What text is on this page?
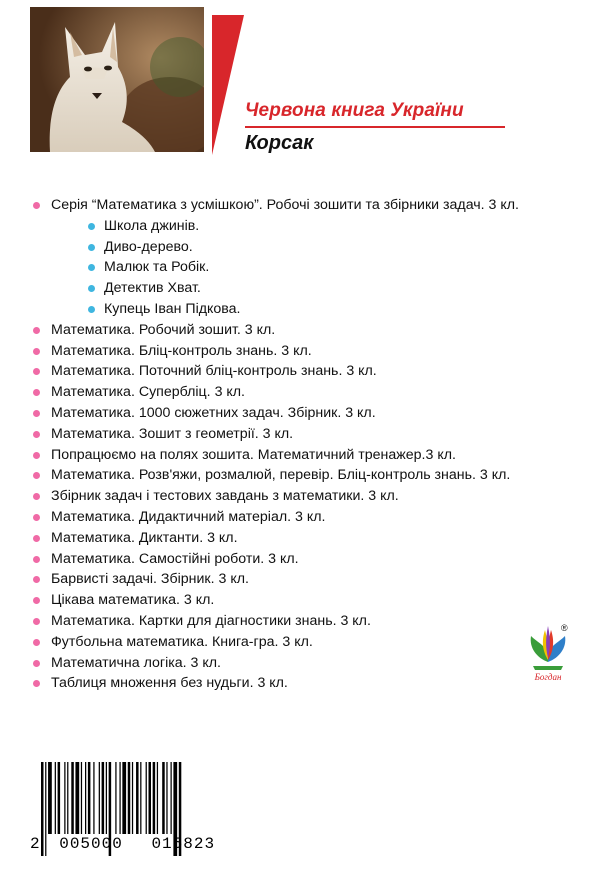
Червона книга України
Корсак
Серія “Математика з усмішкою”. Робочі зошити та збірники задач. 3 кл.
Школа джинів.
Диво-дерево.
Малюк та Робік.
Детектив Хват.
Купець Іван Підкова.
Математика. Робочий зошит. 3 кл.
Математика. Бліц-контроль знань. 3 кл.
Математика. Поточний бліц-контроль знань. 3 кл.
Математика. Супербліц. 3 кл.
Математика. 1000 сюжетних задач. Збірник. 3 кл.
Математика. Зошит з геометрії. 3 кл.
Попрацюємо на полях зошита. Математичний тренажер.3 кл.
Математика. Розв'яжи, розмалюй, перевір. Бліц-контроль знань. 3 кл.
Збірник задач і тестових завдань з математики. 3 кл.
Математика. Дидактичний матеріал. 3 кл.
Математика. Диктанти. 3 кл.
Математика. Самостійні роботи. 3 кл.
Барвисті задачі. Збірник. 3 кл.
Цікава математика. 3 кл.
Математика. Картки для діагностики знань. 3 кл.
Футбольна математика. Книга-гра. 3 кл.
Математична логіка. 3 кл.
Таблиця множення без нудьги. 3 кл.	Богдан
®
2 005000 015823
